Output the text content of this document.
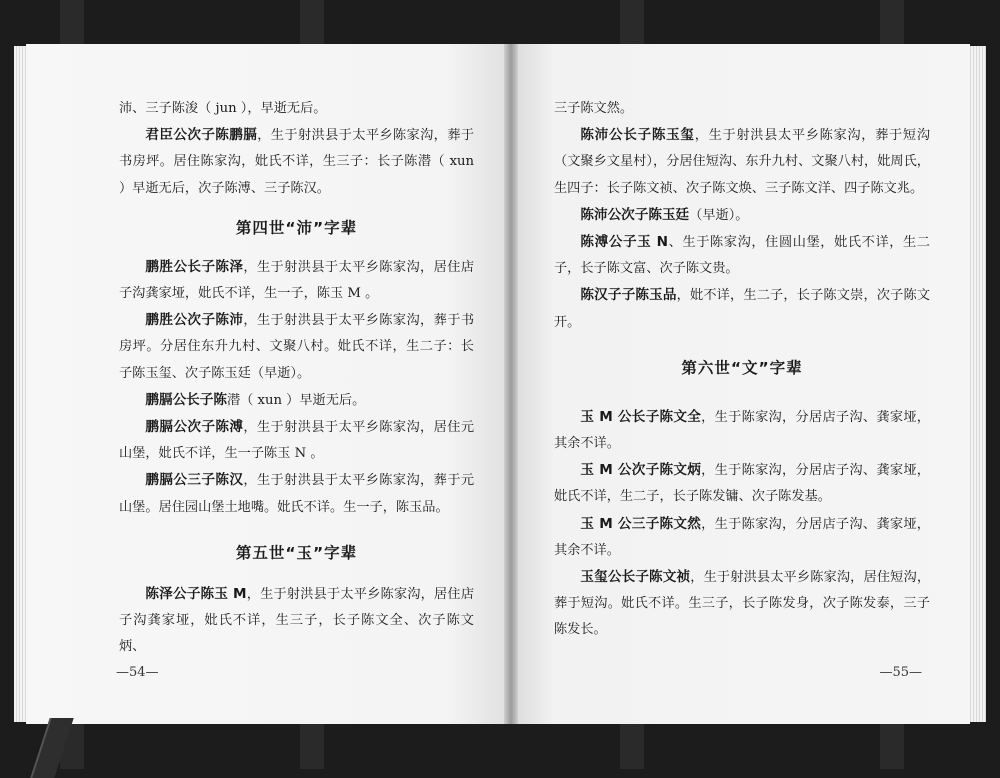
沛、三子陈浚（ jun ），早逝无后。

君臣公次子陈鹏膈，生于射洪县于太平乡陈家沟，葬于书房坪。居住陈家沟，妣氏不详，生三子：长子陈潜（ xun ）早逝无后，次子陈溥、三子陈汉。

第四世“沛”字辈

鹏胜公长子陈泽，生于射洪县于太平乡陈家沟，居住店子沟龚家垭，妣氏不详，生一子，陈玉 M 。

鹏胜公次子陈沛，生于射洪县于太平乡陈家沟，葬于书房坪。分居住东升九村、文聚八村。妣氏不详，生二子：长子陈玉玺、次子陈玉廷（早逝）。

鹏膈公长子陈潜（ xun ）早逝无后。

鹏膈公次子陈溥，生于射洪县于太平乡陈家沟，居住元山堡，妣氏不详，生一子陈玉 N 。

鹏膈公三子陈汉，生于射洪县于太平乡陈家沟，葬于元山堡。居住园山堡土地嘴。妣氏不详。生一子，陈玉品。

第五世“玉”字辈

陈泽公子陈玉 M，生于射洪县于太平乡陈家沟，居住店子沟龚家垭，妣氏不详，生三子，长子陈文全、次子陈文炳、

—54—

三子陈文然。

陈沛公长子陈玉玺，生于射洪县太平乡陈家沟，葬于短沟（文聚乡文星村），分居住短沟、东升九村、文聚八村，妣周氏，生四子：长子陈文祯、次子陈文焕、三子陈文洋、四子陈文兆。

陈沛公次子陈玉廷（早逝）。

陈溥公子玉 N、生于陈家沟，住圆山堡，妣氏不详，生二子，长子陈文富、次子陈文贵。

陈汉子子陈玉品，妣不详，生二子，长子陈文崇，次子陈文开。

第六世“文”字辈

玉 M 公长子陈文全，生于陈家沟，分居店子沟、龚家垭，其余不详。

玉 M 公次子陈文炳，生于陈家沟，分居店子沟、龚家垭，妣氏不详，生二子，长子陈发镛、次子陈发基。

玉 M 公三子陈文然，生于陈家沟，分居店子沟、龚家垭，其余不详。

玉玺公长子陈文祯，生于射洪县太平乡陈家沟，居住短沟，葬于短沟。妣氏不详。生三子，长子陈发身，次子陈发泰，三子陈发长。

—55—
